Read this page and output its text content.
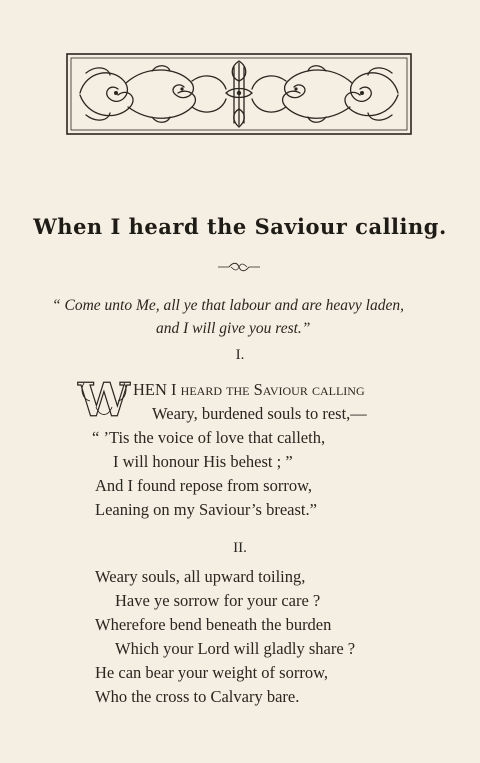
When I heard the Saviour calling.
“ Come unto Me, all ye that labour and are heavy laden,
and I will give you rest.”
I.
W HEN I heard the Saviour calling
Weary, burdened souls to rest,—
“ ’Tis the voice of love that calleth,
I will honour His behest ; ”
And I found repose from sorrow,
Leaning on my Saviour’s breast.”
II.
Weary souls, all upward toiling,
Have ye sorrow for your care ?
Wherefore bend beneath the burden
Which your Lord will gladly share ?
He can bear your weight of sorrow,
Who the cross to Calvary bare.
